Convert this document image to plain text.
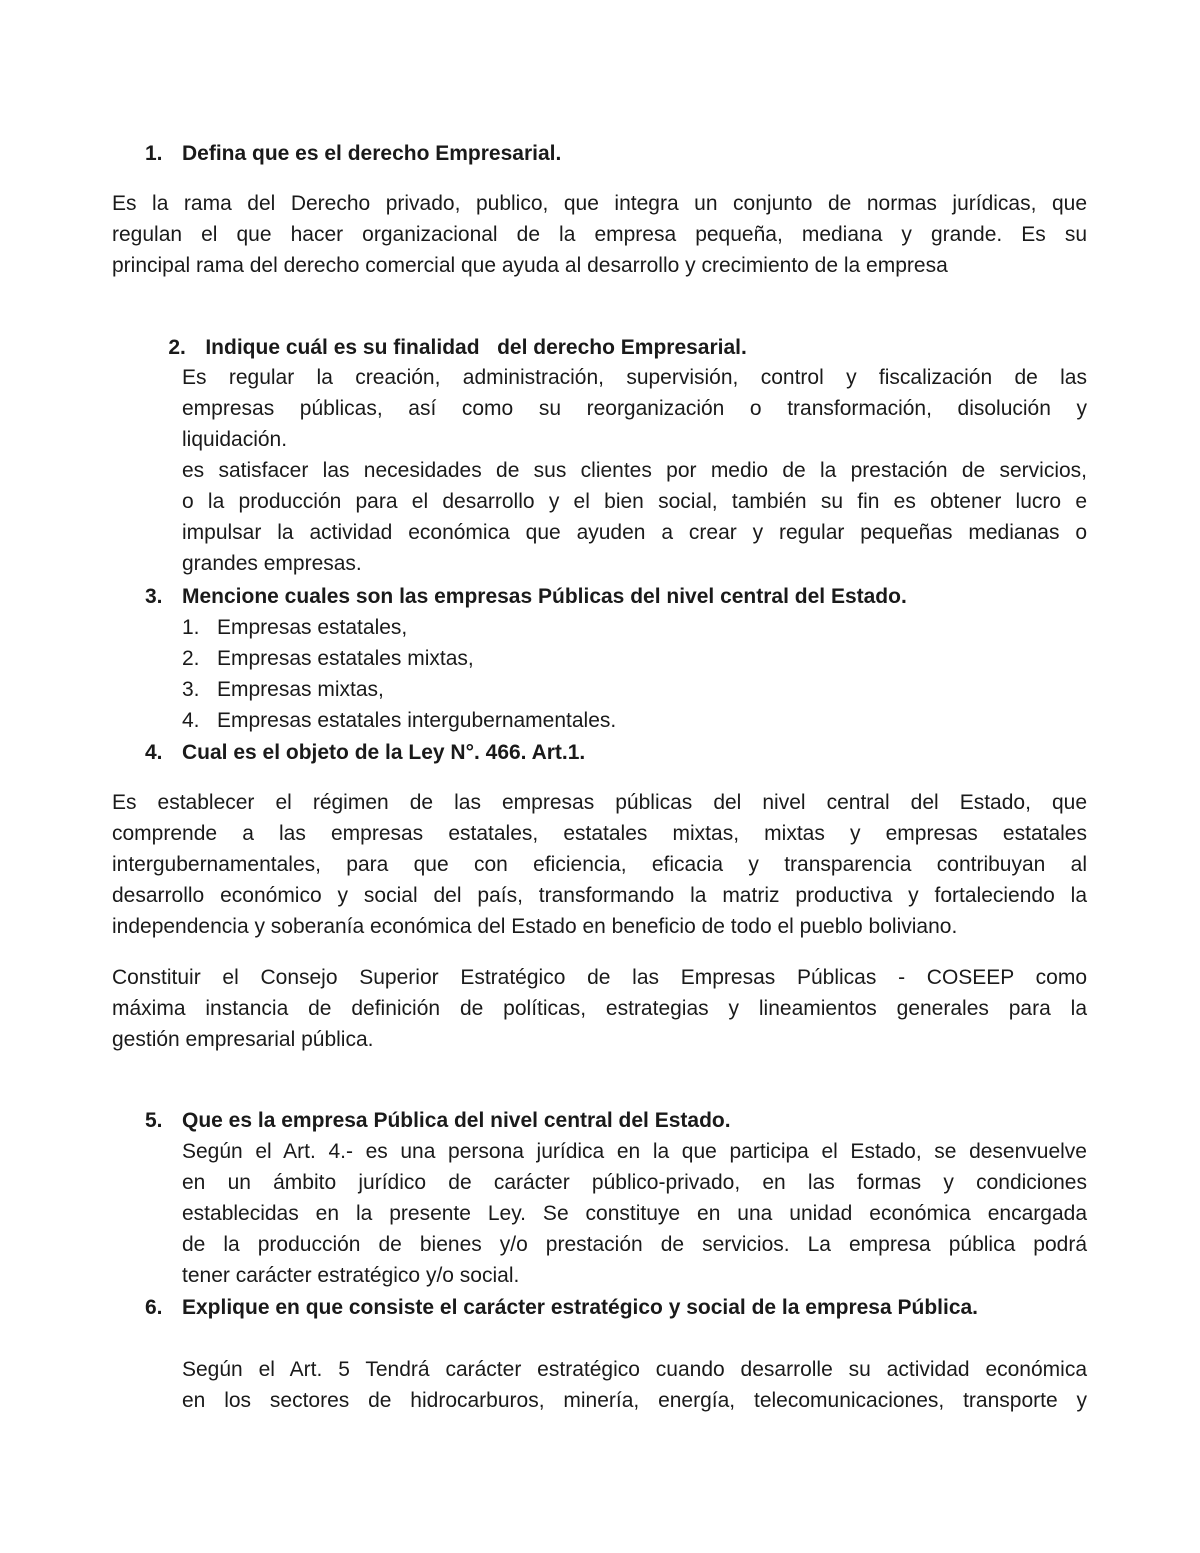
1. Defina que es el derecho Empresarial.
Es la rama del Derecho privado, publico, que integra un conjunto de normas jurídicas, que
regulan el que hacer organizacional de la empresa pequeña, mediana y grande. Es su
principal rama del derecho comercial que ayuda al desarrollo y crecimiento de la empresa

2. Indique cuál es su finalidad   del derecho Empresarial.

Es regular la creación, administración, supervisión, control y fiscalización de las
empresas públicas, así como su reorganización o transformación, disolución y
liquidación.
es satisfacer las necesidades de sus clientes por medio de la prestación de servicios,
o la producción para el desarrollo y el bien social, también su fin es obtener lucro e
impulsar la actividad económica que ayuden a crear y regular pequeñas medianas o
grandes empresas.
3. Mencione cuales son las empresas Públicas del nivel central del Estado.
1. Empresas estatales,
2. Empresas estatales mixtas,
3. Empresas mixtas,
4. Empresas estatales intergubernamentales.
4. Cual es el objeto de la Ley N°. 466. Art.1.
Es establecer el régimen de las empresas públicas del nivel central del Estado, que
comprende a las empresas estatales, estatales mixtas, mixtas y empresas estatales
intergubernamentales, para que con eficiencia, eficacia y transparencia contribuyan al
desarrollo económico y social del país, transformando la matriz productiva y fortaleciendo la
independencia y soberanía económica del Estado en beneficio de todo el pueblo boliviano.
Constituir el Consejo Superior Estratégico de las Empresas Públicas - COSEEP como
máxima instancia de definición de políticas, estrategias y lineamientos generales para la
gestión empresarial pública.
5. Que es la empresa Pública del nivel central del Estado.
Según el Art. 4.- es una persona jurídica en la que participa el Estado, se desenvuelve
en un ámbito jurídico de carácter público-privado, en las formas y condiciones
establecidas en la presente Ley. Se constituye en una unidad económica encargada
de la producción de bienes y/o prestación de servicios. La empresa pública podrá
tener carácter estratégico y/o social.
6. Explique en que consiste el carácter estratégico y social de la empresa Pública.
Según el Art. 5 Tendrá carácter estratégico cuando desarrolle su actividad económica
en los sectores de hidrocarburos, minería, energía, telecomunicaciones, transporte y
